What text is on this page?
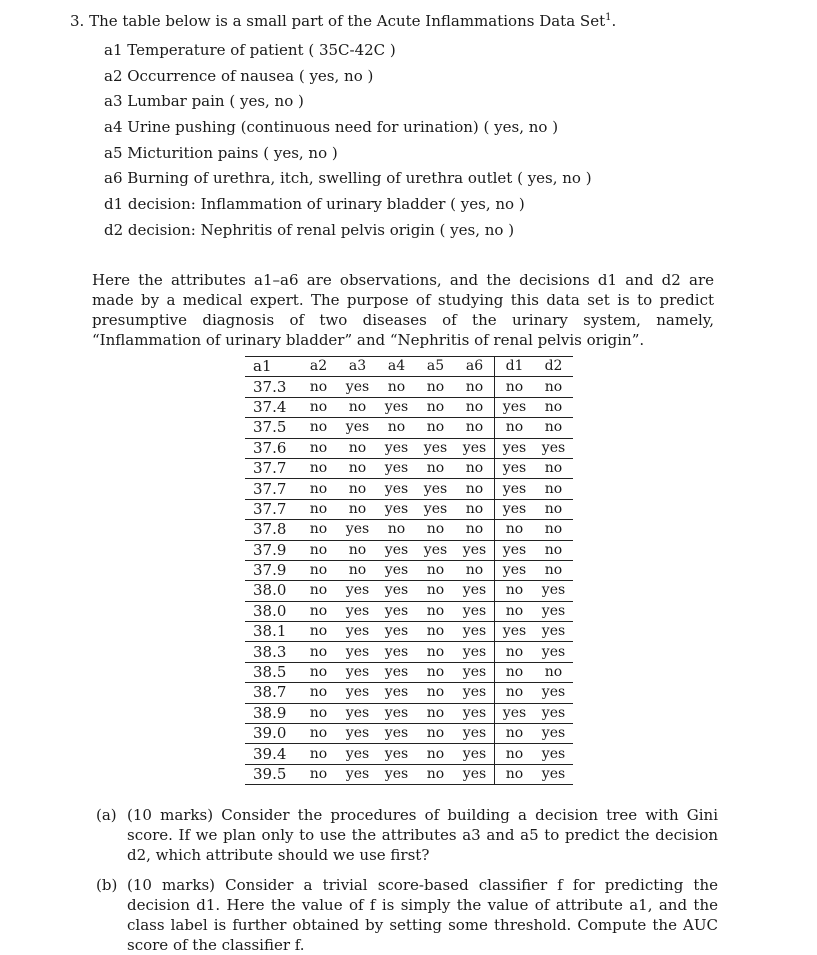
3. The table below is a small part of the Acute Inflammations Data Set$^1$.
a1 Temperature of patient ( 35C-42C )
a2 Occurrence of nausea ( yes, no )
a3 Lumbar pain ( yes, no )
a4 Urine pushing (continuous need for urination) ( yes, no )
a5 Micturition pains ( yes, no )
a6 Burning of urethra, itch, swelling of urethra outlet ( yes, no )
d1 decision: Inflammation of urinary bladder ( yes, no )
d2 decision: Nephritis of renal pelvis origin ( yes, no )

Here the attributes a1–a6 are observations, and the decisions d1 and d2 are made by a medical expert. The purpose of studying this data set is to predict presumptive diagnosis of two diseases of the urinary system, namely, “Inflammation of urinary bladder” and “Nephritis of renal pelvis origin”.

a1	a2	a3	a4	a5	a6	d1	d2
37.3	no	yes	no	no	no	no	no
37.4	no	no	yes	no	no	yes	no
37.5	no	yes	no	no	no	no	no
37.6	no	no	yes	yes	yes	yes	yes
37.7	no	no	yes	no	no	yes	no
37.7	no	no	yes	yes	no	yes	no
37.7	no	no	yes	yes	no	yes	no
37.8	no	yes	no	no	no	no	no
37.9	no	no	yes	yes	yes	yes	no
37.9	no	no	yes	no	no	yes	no
38.0	no	yes	yes	no	yes	no	yes
38.0	no	yes	yes	no	yes	no	yes
38.1	no	yes	yes	no	yes	yes	yes
38.3	no	yes	yes	no	yes	no	yes
38.5	no	yes	yes	no	yes	no	no
38.7	no	yes	yes	no	yes	no	yes
38.9	no	yes	yes	no	yes	yes	yes
39.0	no	yes	yes	no	yes	no	yes
39.4	no	yes	yes	no	yes	no	yes
39.5	no	yes	yes	no	yes	no	yes
(a) (10 marks) Consider the procedures of building a decision tree with Gini score. If we plan only to use the attributes a3 and a5 to predict the decision d2, which attribute should we use first?
(b) (10 marks) Consider a trivial score-based classifier f for predicting the decision d1. Here the value of f is simply the value of attribute a1, and the class label is further obtained by setting some threshold. Compute the AUC score of the classifier f.
